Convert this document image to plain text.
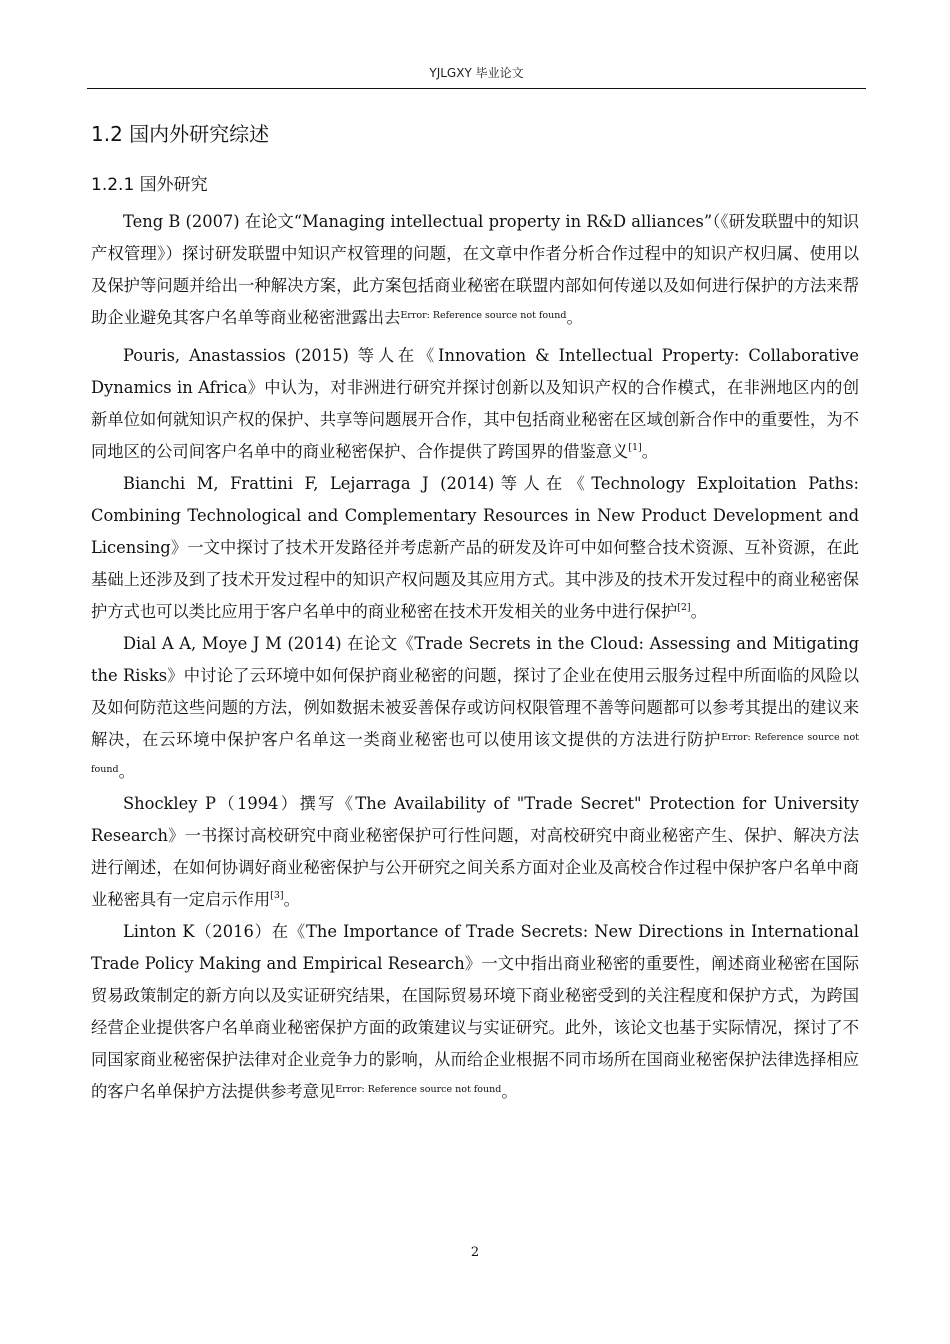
YJLGXY 毕业论文
1.2 国内外研究综述
1.2.1 国外研究

Teng B (2007) 在论文“Managing intellectual property in R&D alliances”（《研发联盟中的知识产权管理》）探讨研发联盟中知识产权管理的问题，在文章中作者分析合作过程中的知识产权归属、使用以及保护等问题并给出一种解决方案，此方案包括商业秘密在联盟内部如何传递以及如何进行保护的方法来帮助企业避免其客户名单等商业秘密泄露出去$^{Error: Reference source not found}$。

Pouris, Anastassios (2015) 等人在《Innovation & Intellectual Property: Collaborative Dynamics in Africa》中认为，对非洲进行研究并探讨创新以及知识产权的合作模式，在非洲地区内的创新单位如何就知识产权的保护、共享等问题展开合作，其中包括商业秘密在区域创新合作中的重要性，为不同地区的公司间客户名单中的商业秘密保护、合作提供了跨国界的借鉴意义[1]。

Bianchi M, Frattini F, Lejarraga J (2014)等人在《Technology Exploitation Paths: Combining Technological and Complementary Resources in New Product Development and Licensing》一文中探讨了技术开发路径并考虑新产品的研发及许可中如何整合技术资源、互补资源，在此基础上还涉及到了技术开发过程中的知识产权问题及其应用方式。其中涉及的技术开发过程中的商业秘密保护方式也可以类比应用于客户名单中的商业秘密在技术开发相关的业务中进行保护[2]。

Dial A A, Moye J M (2014) 在论文《Trade Secrets in the Cloud: Assessing and Mitigating the Risks》中讨论了云环境中如何保护商业秘密的问题，探讨了企业在使用云服务过程中所面临的风险以及如何防范这些问题的方法，例如数据未被妥善保存或访问权限管理不善等问题都可以参考其提出的建议来解决，在云环境中保护客户名单这一类商业秘密也可以使用该文提供的方法进行防护$^{Error: Reference source not found}$。

Shockley P（1994）撰写《The Availability of "Trade Secret" Protection for University Research》一书探讨高校研究中商业秘密保护可行性问题，对高校研究中商业秘密产生、保护、解决方法进行阐述，在如何协调好商业秘密保护与公开研究之间关系方面对企业及高校合作过程中保护客户名单中商业秘密具有一定启示作用[3]。

Linton K（2016）在《The Importance of Trade Secrets: New Directions in International Trade Policy Making and Empirical Research》一文中指出商业秘密的重要性，阐述商业秘密在国际贸易政策制定的新方向以及实证研究结果，在国际贸易环境下商业秘密受到的关注程度和保护方式，为跨国经营企业提供客户名单商业秘密保护方面的政策建议与实证研究。此外，该论文也基于实际情况，探讨了不同国家商业秘密保护法律对企业竞争力的影响，从而给企业根据不同市场所在国商业秘密保护法律选择相应的客户名单保护方法提供参考意见$^{Error: Reference source not found}$。

2
